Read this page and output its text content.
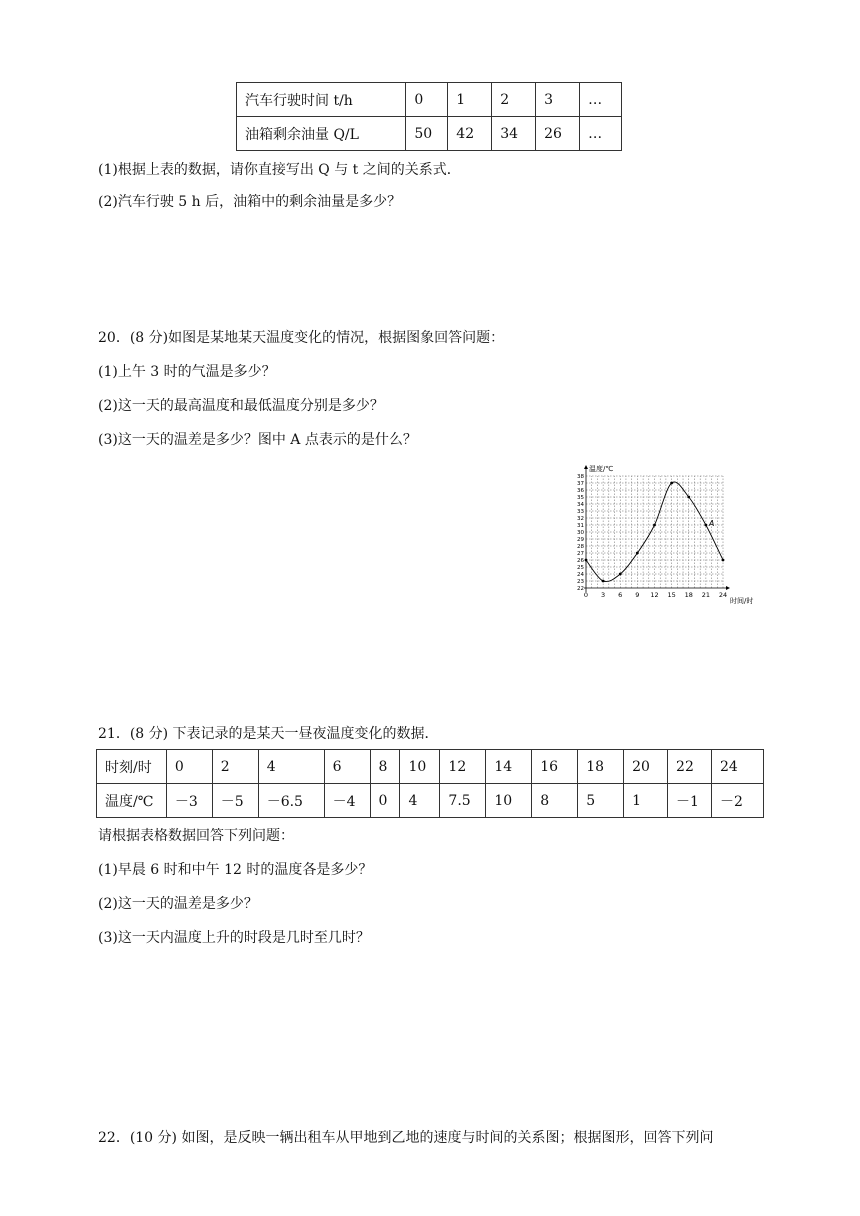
汽车行驶时间 t/h	0	1	2	3	…
油箱剩余油量 Q/L	50	42	34	26	…
(1)根据上表的数据，请你直接写出 Q 与 t 之间的关系式．
(2)汽车行驶 5 h 后，油箱中的剩余油量是多少？
20．(8 分)如图是某地某天温度变化的情况，根据图象回答问题：
(1)上午 3 时的气温是多少？
(2)这一天的最高温度和最低温度分别是多少？
(3)这一天的温差是多少？图中 A 点表示的是什么？
0 3 6 9 12 15 18 21 24
22
23
24
25
26
27
28
29
30
31
32
33
34
35
36
37
38
温度/℃
时间/时
A
21．(8 分) 下表记录的是某天一昼夜温度变化的数据．
时刻/时	0	2	4	6	8	10	12	14	16	18	20	22	24
温度/℃	－3	－5	－6.5	－4	0	4	7.5	10	8	5	1	－1	－2
请根据表格数据回答下列问题：
(1)早晨 6 时和中午 12 时的温度各是多少？
(2)这一天的温差是多少？
(3)这一天内温度上升的时段是几时至几时？
22．(10 分) 如图，是反映一辆出租车从甲地到乙地的速度与时间的关系图；根据图形，回答下列问
